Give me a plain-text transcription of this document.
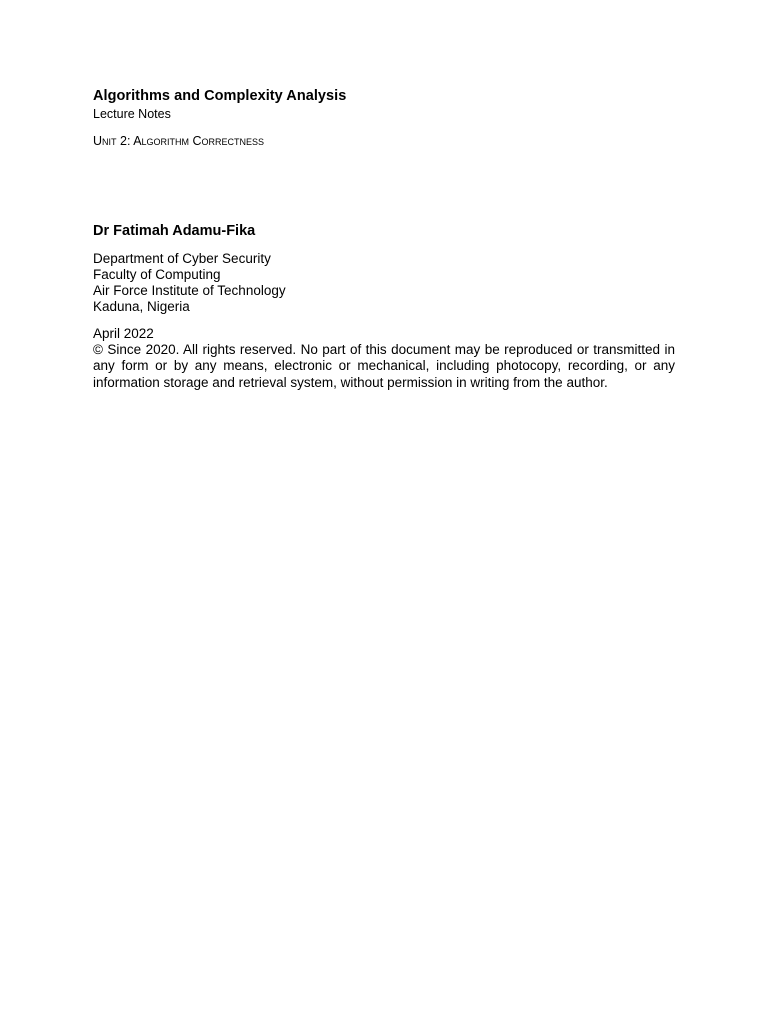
Algorithms and Complexity Analysis
Lecture Notes
Unit 2: Algorithm Correctness
Dr Fatimah Adamu-Fika
Department of Cyber Security
Faculty of Computing
Air Force Institute of Technology
Kaduna, Nigeria
April 2022
© Since 2020. All rights reserved. No part of this document may be reproduced or transmitted in any form or by any means, electronic or mechanical, including photocopy, recording, or any information storage and retrieval system, without permission in writing from the author.
